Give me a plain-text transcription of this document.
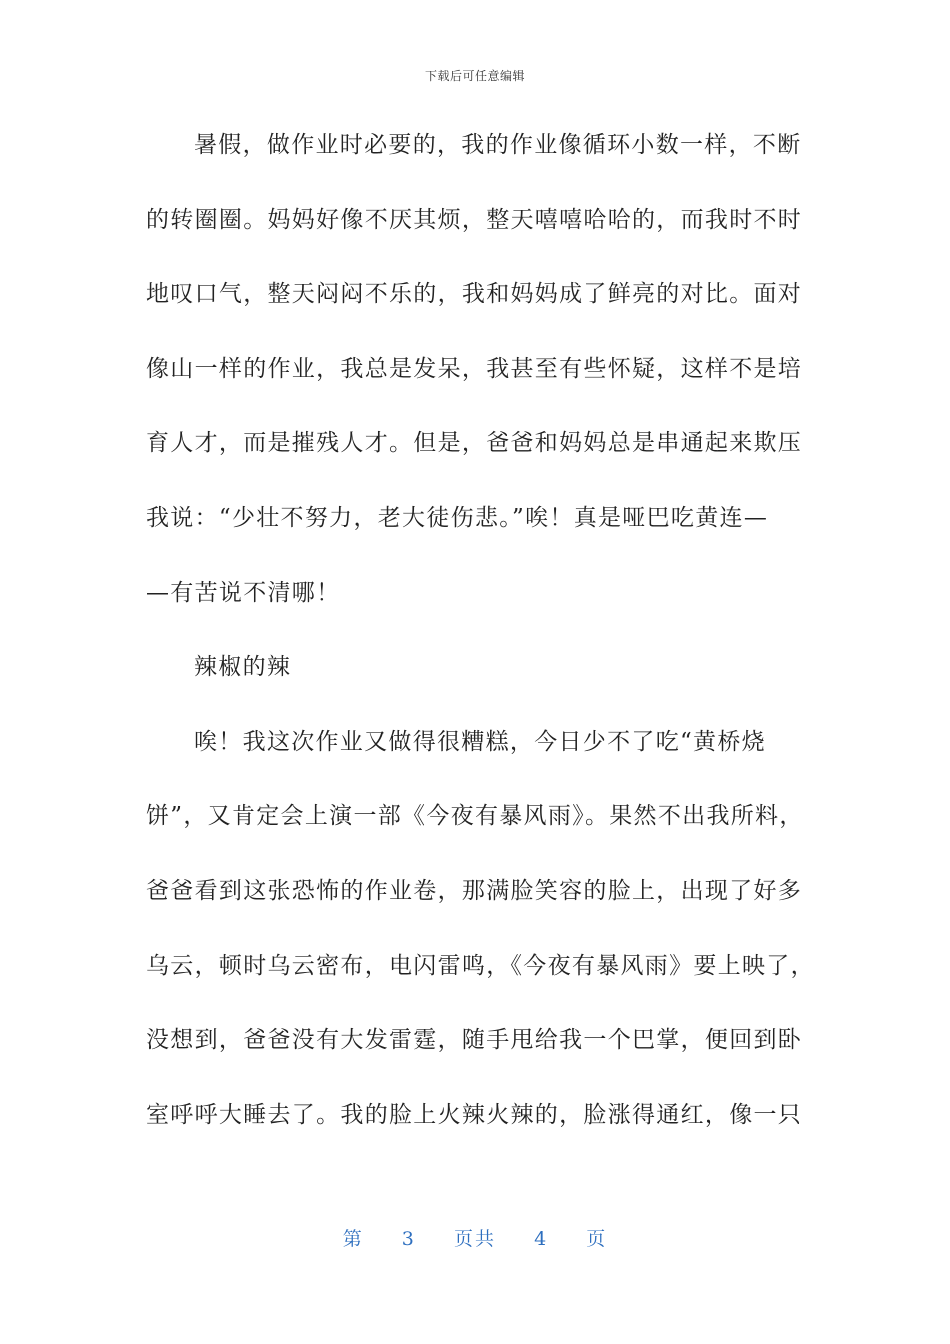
下载后可任意编辑
暑假，做作业时必要的，我的作业像循环小数一样，不断
的转圈圈。妈妈好像不厌其烦，整天嘻嘻哈哈的，而我时不时
地叹口气，整天闷闷不乐的，我和妈妈成了鲜亮的对比。面对
像山一样的作业，我总是发呆，我甚至有些怀疑，这样不是培
育人才，而是摧残人才。但是，爸爸和妈妈总是串通起来欺压
我说：“少壮不努力，老大徒伤悲。”唉！真是哑巴吃黄连—
—有苦说不清哪！
辣椒的辣
唉！我这次作业又做得很糟糕，今日少不了吃“黄桥烧
饼”，又肯定会上演一部《今夜有暴风雨》。果然不出我所料，
爸爸看到这张恐怖的作业卷，那满脸笑容的脸上，出现了好多
乌云，顿时乌云密布，电闪雷鸣，《今夜有暴风雨》要上映了，
没想到，爸爸没有大发雷霆，随手甩给我一个巴掌，便回到卧
室呼呼大睡去了。我的脸上火辣火辣的，脸涨得通红，像一只
第 3 页共 4 页
